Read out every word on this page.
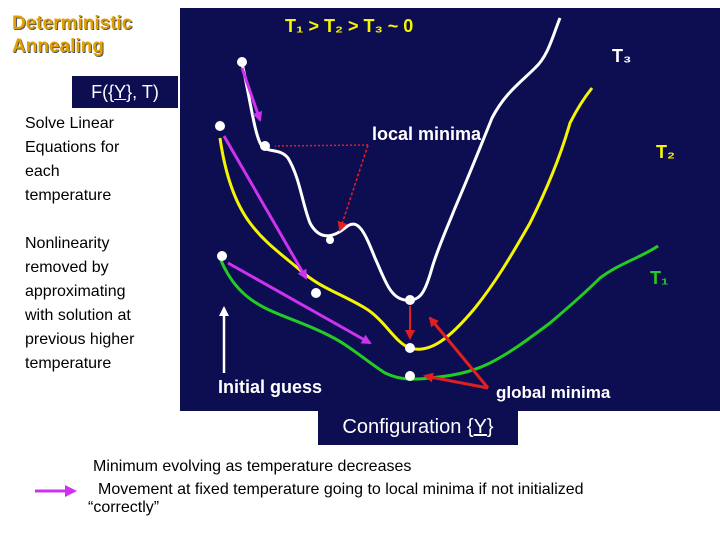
Deterministic
Annealing
T₁ > T₂ > T₃ ~ 0
T₃
T₂
T₁
local minima
global minima
Initial guess
F({Y}, T)

Solve Linear
Equations for
each
temperature

Nonlinearity
removed by
approximating
with solution at
previous higher
temperature

Configuration {Y}
Minimum evolving as temperature decreases
Movement at fixed temperature going to local minima if not initialized “correctly”
